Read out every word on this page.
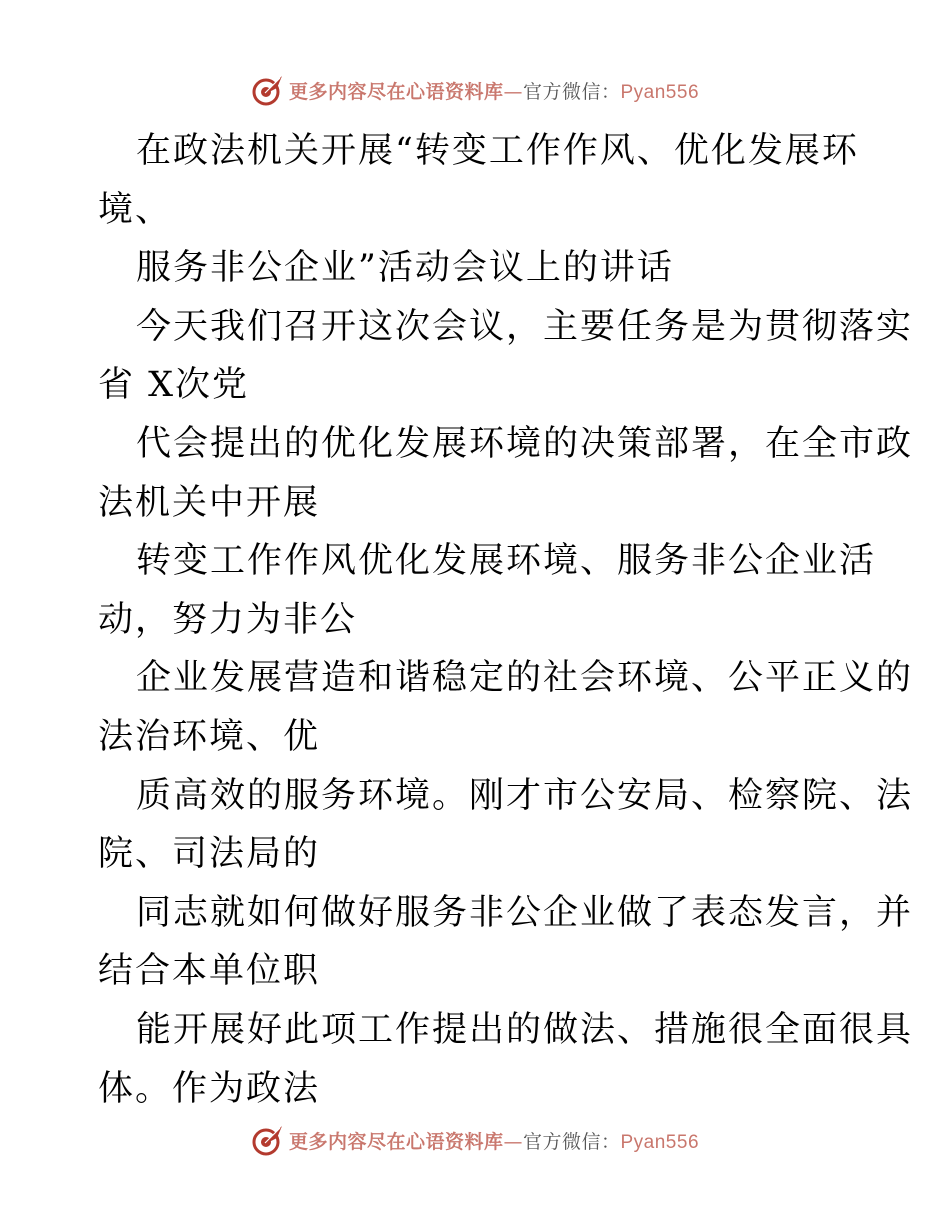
更多内容尽在心语资料库—官方微信：Pyan556
在政法机关开展“转变工作作风、优化发展环
境、
服务非公企业”活动会议上的讲话
今天我们召开这次会议，主要任务是为贯彻落实
省 X次党
代会提出的优化发展环境的决策部署，在全市政
法机关中开展
转变工作作风优化发展环境、服务非公企业活
动，努力为非公
企业发展营造和谐稳定的社会环境、公平正义的
法治环境、优
质高效的服务环境。刚才市公安局、检察院、法
院、司法局的
同志就如何做好服务非公企业做了表态发言，并
结合本单位职
能开展好此项工作提出的做法、措施很全面很具
体。作为政法
更多内容尽在心语资料库—官方微信：Pyan556
